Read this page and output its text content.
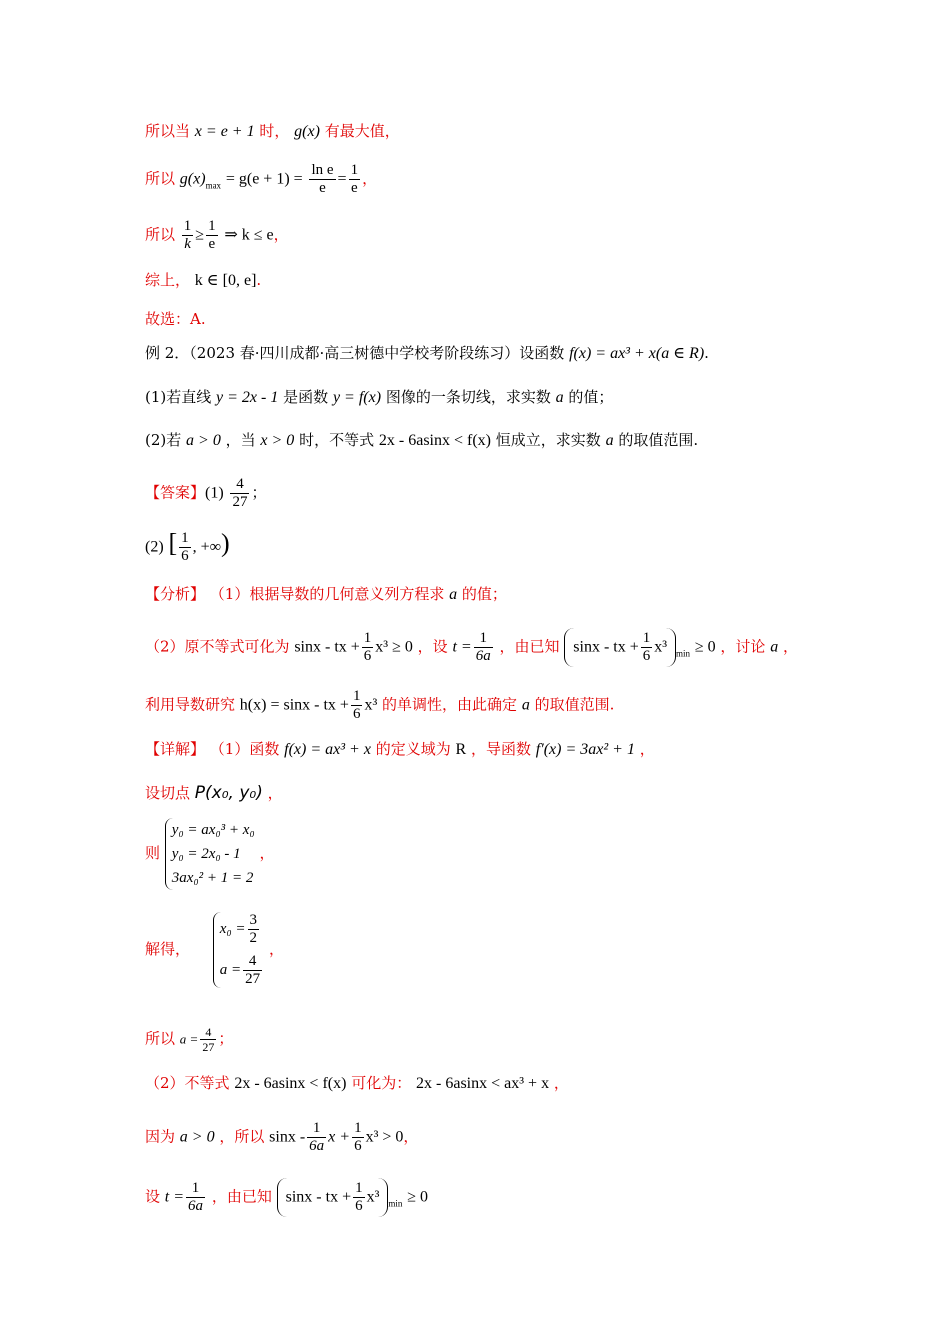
所以当 x = e + 1 时， g(x) 有最大值，
所以 $g(x)_{max} = g(e + 1) = \frac{\text{ln e}}{e} = \frac{1}{e}$ ，
所以 $\frac{1}{k} \ge \frac{1}{e}$ ⇒ k ≤ e，
综上， k ∈ [0, e].
故选：A.
例 2．（2023 春·四川成都·高三树德中学校考阶段练习）设函数 f(x) = ax³ + x(a ∈ R).
(1)若直线 y = 2x - 1 是函数 y = f(x) 图像的一条切线，求实数 a 的值；
(2)若 a > 0 ，当 x > 0 时，不等式 2x - 6asinx < f(x) 恒成立，求实数 a 的取值范围.
【答案】$(1) \frac{4}{27}$ ；
(2) [ $\frac{1}{6}$ , +∞)
【分析】 （1）根据导数的几何意义列方程求 a 的值；
（2）原不等式可化为 sinx - tx + $\frac{1}{6} x^3 \ge 0$ ，设 $t = \frac{1}{6a}$ ，由已知 sinx - tx + $\frac{1}{6} x^3$ $_{min}$ ≥ 0 ，讨论 a ，
利用导数研究 h(x) = sinx - tx + $\frac{1}{6} x^3$ 的单调性，由此确定 a 的取值范围.
【详解】 （1）函数 f(x) = ax³ + x 的定义域为 R ，导函数 f′(x) = 3ax² + 1 ，
设切点 P(x₀, y₀) ，
则
y₀ = ax₀³ + x₀
y₀ = 2x₀ - 1
3ax₀² + 1 = 2
，
解得，
$x_0 = \frac{3}{2}$
$a = \frac{4}{27}$
，
所以 $a = \frac{4}{27}$ ；
（2）不等式 2x - 6asinx < f(x) 可化为： 2x - 6asinx < ax³ + x ，
因为 a > 0 ，所以 sinx - $\frac{1}{6a}$ $x + \frac{1}{6} x^3 > 0$，
设 $t = \frac{1}{6a}$ ，由已知 sinx - tx + $\frac{1}{6} x^3$ $_{min}$ ≥ 0
